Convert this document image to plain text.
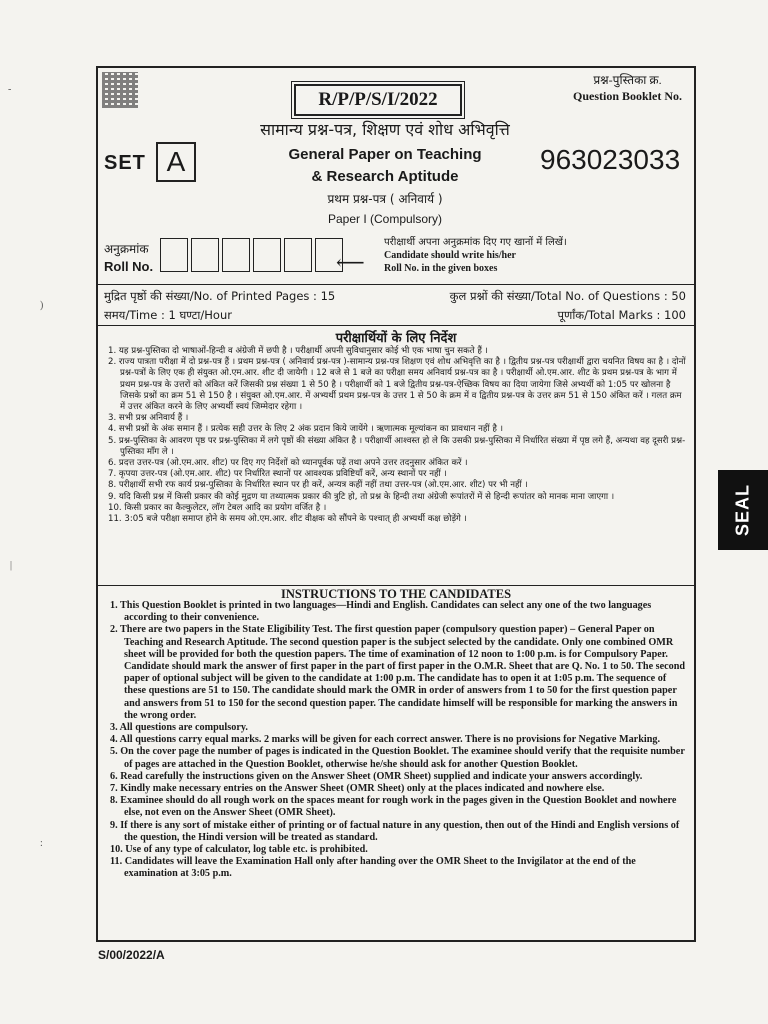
R/P/P/S/I/2022
प्रश्न-पुस्तिका क्र.
Question Booklet No.
सामान्य प्रश्न-पत्र, शिक्षण एवं शोध अभिवृत्ति
SET A	General Paper on Teaching
& Research Aptitude
963023033
प्रथम प्रश्न-पत्र ( अनिवार्य )
Paper I (Compulsory)
अनुक्रमांक
Roll No.	⟵
परीक्षार्थी अपना अनुक्रमांक दिए गए खानों में लिखें।
Candidate should write his/her
Roll No. in the given boxes
मुद्रित पृष्ठों की संख्या/No. of Printed Pages : 15	कुल प्रश्नों की संख्या/Total No. of Questions : 50
समय/Time : 1 घण्टा/Hour	पूर्णांक/Total Marks : 100
परीक्षार्थियों के लिए निर्देश
1. यह प्रश्न-पुस्तिका दो भाषाओं-हिन्दी व अंग्रेजी में छपी है । परीक्षार्थी अपनी सुविधानुसार कोई भी एक भाषा चुन सकते हैं ।
2. राज्य पात्रता परीक्षा में दो प्रश्न-पत्र हैं । प्रथम प्रश्न-पत्र ( अनिवार्य प्रश्न-पत्र )-सामान्य प्रश्न-पत्र शिक्षण एवं शोध अभिवृत्ति का है । द्वितीय प्रश्न-पत्र परीक्षार्थी द्वारा चयनित विषय का है । दोनों प्रश्न-पत्रों के लिए एक ही संयुक्त ओ.एम.आर. शीट दी जायेगी । 12 बजे से 1 बजे का परीक्षा समय अनिवार्य प्रश्न-पत्र का है । परीक्षार्थी ओ.एम.आर. शीट के प्रथम प्रश्न-पत्र के भाग में प्रथम प्रश्न-पत्र के उत्तरों को अंकित करें जिसकी प्रश्न संख्या 1 से 50 है । परीक्षार्थी को 1 बजे द्वितीय प्रश्न-पत्र-ऐच्छिक विषय का दिया जायेगा जिसे अभ्यर्थी को 1:05 पर खोलना है जिसके प्रश्नों का क्रम 51 से 150 है । संयुक्त ओ.एम.आर. में अभ्यर्थी प्रथम प्रश्न-पत्र के उत्तर 1 से 50 के क्रम में व द्वितीय प्रश्न-पत्र के उत्तर क्रम 51 से 150 अंकित करें । गलत क्रम में उत्तर अंकित करने के लिए अभ्यर्थी स्वयं जिम्मेदार रहेगा ।
3. सभी प्रश्न अनिवार्य हैं ।
4. सभी प्रश्नों के अंक समान हैं । प्रत्येक सही उत्तर के लिए 2 अंक प्रदान किये जायेंगे । ऋणात्मक मूल्यांकन का प्रावधान नहीं है ।
5. प्रश्न-पुस्तिका के आवरण पृष्ठ पर प्रश्न-पुस्तिका में लगे पृष्ठों की संख्या अंकित है । परीक्षार्थी आश्वस्त हो ले कि उसकी प्रश्न-पुस्तिका में निर्धारित संख्या में पृष्ठ लगे हैं, अन्यथा वह दूसरी प्रश्न-पुस्तिका माँग ले ।
6. प्रदत्त उत्तर-पत्र (ओ.एम.आर. शीट) पर दिए गए निर्देशों को ध्यानपूर्वक पढ़ें तथा अपने उत्तर तदनुसार अंकित करें ।
7. कृपया उत्तर-पत्र (ओ.एम.आर. शीट) पर निर्धारित स्थानों पर आवश्यक प्रविष्टियाँ करें, अन्य स्थानों पर नहीं ।
8. परीक्षार्थी सभी रफ कार्य प्रश्न-पुस्तिका के निर्धारित स्थान पर ही करें, अन्यत्र कहीं नहीं तथा उत्तर-पत्र (ओ.एम.आर. शीट) पर भी नहीं ।
9. यदि किसी प्रश्न में किसी प्रकार की कोई मुद्रण या तथ्यात्मक प्रकार की त्रुटि हो, तो प्रश्न के हिन्दी तथा अंग्रेजी रूपांतरों में से हिन्दी रूपांतर को मानक माना जाएगा ।
10. किसी प्रकार का कैल्कुलेटर, लॉग टेबल आदि का प्रयोग वर्जित है ।
11. 3:05 बजे परीक्षा समाप्त होने के समय ओ.एम.आर. शीट वीक्षक को सौंपने के पश्चात् ही अभ्यर्थी कक्ष छोड़ेंगे ।
INSTRUCTIONS TO THE CANDIDATES
1. This Question Booklet is printed in two languages—Hindi and English. Candidates can select any one of the two languages according to their convenience.
2. There are two papers in the State Eligibility Test. The first question paper (compulsory question paper) – General Paper on Teaching and Research Aptitude. The second question paper is the subject selected by the candidate. Only one combined OMR sheet will be provided for both the question papers. The time of examination of 12 noon to 1:00 p.m. is for Compulsory Paper. Candidate should mark the answer of first paper in the part of first paper in the O.M.R. Sheet that are Q. No. 1 to 50. The second paper of optional subject will be given to the candidate at 1:00 p.m. The candidate has to open it at 1:05 p.m. The sequence of these questions are 51 to 150. The candidate should mark the OMR in order of answers from 1 to 50 for the first question paper and answers from 51 to 150 for the second question paper. The candidate himself will be responsible for marking the answers in the wrong order.
3. All questions are compulsory.
4. All questions carry equal marks. 2 marks will be given for each correct answer. There is no provisions for Negative Marking.
5. On the cover page the number of pages is indicated in the Question Booklet. The examinee should verify that the requisite number of pages are attached in the Question Booklet, otherwise he/she should ask for another Question Booklet.
6. Read carefully the instructions given on the Answer Sheet (OMR Sheet) supplied and indicate your answers accordingly.
7. Kindly make necessary entries on the Answer Sheet (OMR Sheet) only at the places indicated and nowhere else.
8. Examinee should do all rough work on the spaces meant for rough work in the pages given in the Question Booklet and nowhere else, not even on the Answer Sheet (OMR Sheet).
9. If there is any sort of mistake either of printing or of factual nature in any question, then out of the Hindi and English versions of the question, the Hindi version will be treated as standard.
10. Use of any type of calculator, log table etc. is prohibited.
11. Candidates will leave the Examination Hall only after handing over the OMR Sheet to the Invigilator at the end of the examination at 3:05 p.m.
S/00/2022/A
SEAL
-
)
|
:
